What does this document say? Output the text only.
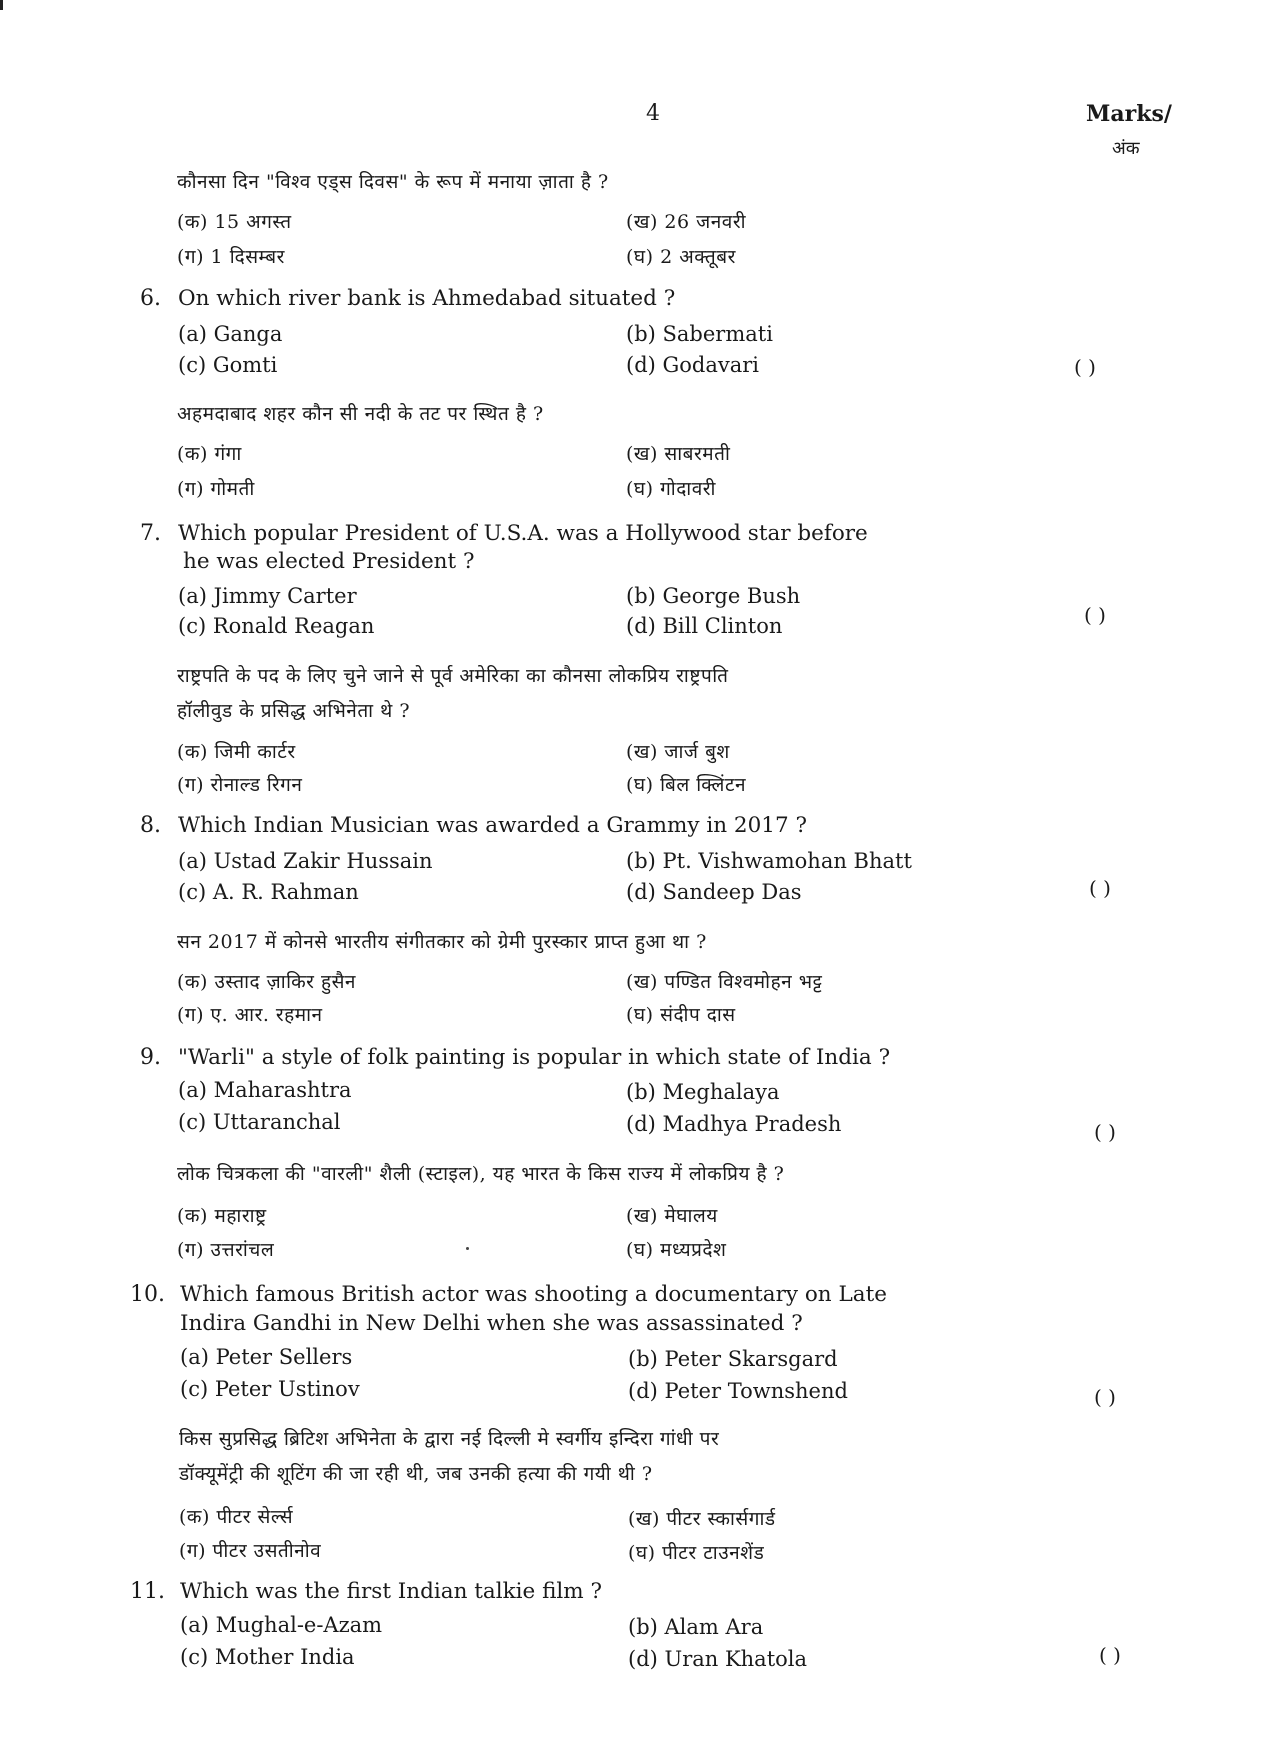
4	Marks/
अंक
कौनसा दिन "विश्व एड्स दिवस" के रूप में मनाया ज़ाता है ?
(क) 15 अगस्त	(ख) 26 जनवरी
(ग) 1 दिसम्बर	(घ) 2 अक्तूबर
6. On which river bank is Ahmedabad situated ?
(a) Ganga	(b) Sabermati
(c) Gomti	(d) Godavari	( )
अहमदाबाद शहर कौन सी नदी के तट पर स्थित है ?
(क) गंगा	(ख) साबरमती
(ग) गोमती	(घ) गोदावरी
7. Which popular President of U.S.A. was a Hollywood star before
he was elected President ?
(a) Jimmy Carter	(b) George Bush
(c) Ronald Reagan	(d) Bill Clinton	( )
राष्ट्रपति के पद के लिए चुने जाने से पूर्व अमेरिका का कौनसा लोकप्रिय राष्ट्रपति
हॉलीवुड के प्रसिद्ध अभिनेता थे ?
(क) जिमी कार्टर	(ख) जार्ज बुश
(ग) रोनाल्ड रिगन	(घ) बिल क्लिंटन
8. Which Indian Musician was awarded a Grammy in 2017 ?
(a) Ustad Zakir Hussain	(b) Pt. Vishwamohan Bhatt
(c) A. R. Rahman	(d) Sandeep Das	( )
सन 2017 में कोनसे भारतीय संगीतकार को ग्रेमी पुरस्कार प्राप्त हुआ था ?
(क) उस्ताद ज़ाकिर हुसैन	(ख) पण्डित विश्वमोहन भट्ट
(ग) ए. आर. रहमान	(घ) संदीप दास
9. "Warli" a style of folk painting is popular in which state of India ?
(a) Maharashtra	(b) Meghalaya
(c) Uttaranchal	(d) Madhya Pradesh	( )
लोक चित्रकला की "वारली" शैली (स्टाइल), यह भारत के किस राज्य में लोकप्रिय है ?
(क) महाराष्ट्र	(ख) मेघालय
(ग) उत्तरांचल	(घ) मध्यप्रदेश
10. Which famous British actor was shooting a documentary on Late
Indira Gandhi in New Delhi when she was assassinated ?
(a) Peter Sellers	(b) Peter Skarsgard
(c) Peter Ustinov	(d) Peter Townshend	( )
किस सुप्रसिद्ध ब्रिटिश अभिनेता के द्वारा नई दिल्ली मे स्वर्गीय इन्दिरा गांधी पर
डॉक्यूमेंट्री की शूटिंग की जा रही थी, जब उनकी हत्या की गयी थी ?
(क) पीटर सेर्ल्स	(ख) पीटर स्कार्सगार्ड
(ग) पीटर उसतीनोव	(घ) पीटर टाउनशेंड
11. Which was the first Indian talkie film ?
(a) Mughal-e-Azam	(b) Alam Ara
(c) Mother India	(d) Uran Khatola	( )
